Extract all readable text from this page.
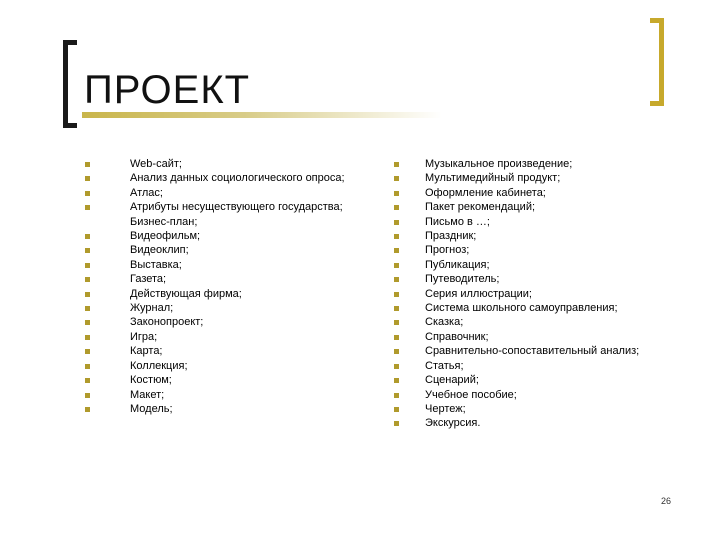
ПРОЕКТ
Web-сайт;
Анализ данных социологического опроса;
Атлас;
Атрибуты несуществующего государства;
Бизнес-план;
Видеофильм;
Видеоклип;
Выставка;
Газета;
Действующая фирма;
Журнал;
Законопроект;
Игра;
Карта;
Коллекция;
Костюм;
Макет;
Модель;
Музыкальное произведение;
Мультимедийный продукт;
Оформление кабинета;
Пакет рекомендаций;
Письмо в …;
Праздник;
Прогноз;
Публикация;
Путеводитель;
Серия иллюстрации;
Система школьного самоуправления;
Сказка;
Справочник;
Сравнительно-сопоставительный анализ;
Статья;
Сценарий;
Учебное пособие;
Чертеж;
Экскурсия.
26
